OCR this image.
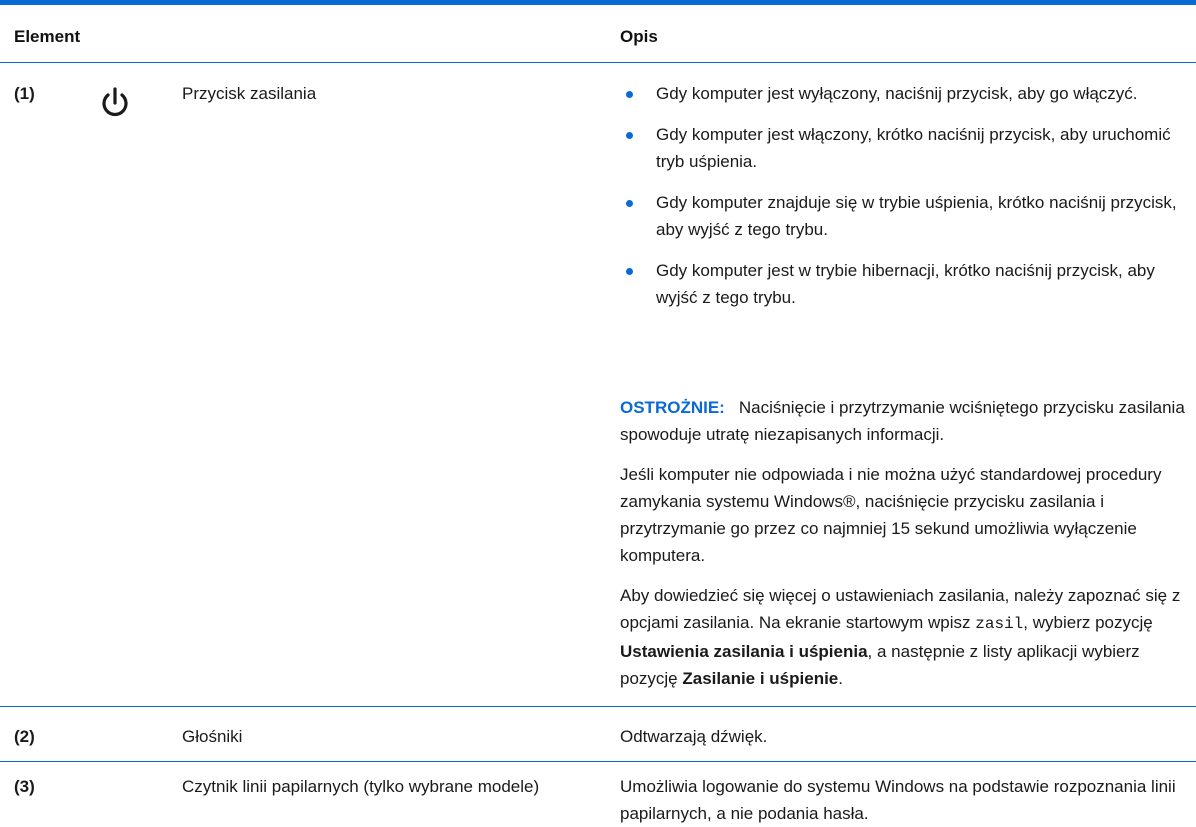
Element	Opis
(1)	Przycisk zasilania	Gdy komputer jest wyłączony, naciśnij przycisk, aby go włączyć.
Gdy komputer jest włączony, krótko naciśnij przycisk, aby uruchomić tryb uśpienia.
Gdy komputer znajduje się w trybie uśpienia, krótko naciśnij przycisk, aby wyjść z tego trybu.
Gdy komputer jest w trybie hibernacji, krótko naciśnij przycisk, aby wyjść z tego trybu.
OSTROŻNIE: Naciśnięcie i przytrzymanie wciśniętego przycisku zasilania spowoduje utratę niezapisanych informacji.
Jeśli komputer nie odpowiada i nie można użyć standardowej procedury zamykania systemu Windows®, naciśnięcie przycisku zasilania i przytrzymanie go przez co najmniej 15 sekund umożliwia wyłączenie komputera.
Aby dowiedzieć się więcej o ustawieniach zasilania, należy zapoznać się z opcjami zasilania. Na ekranie startowym wpisz zasil, wybierz pozycję Ustawienia zasilania i uśpienia, a następnie z listy aplikacji wybierz pozycję Zasilanie i uśpienie.
(2)	Głośniki	Odtwarzają dźwięk.
(3)	Czytnik linii papilarnych (tylko wybrane modele)	Umożliwia logowanie do systemu Windows na podstawie rozpoznania linii papilarnych, a nie podania hasła.
